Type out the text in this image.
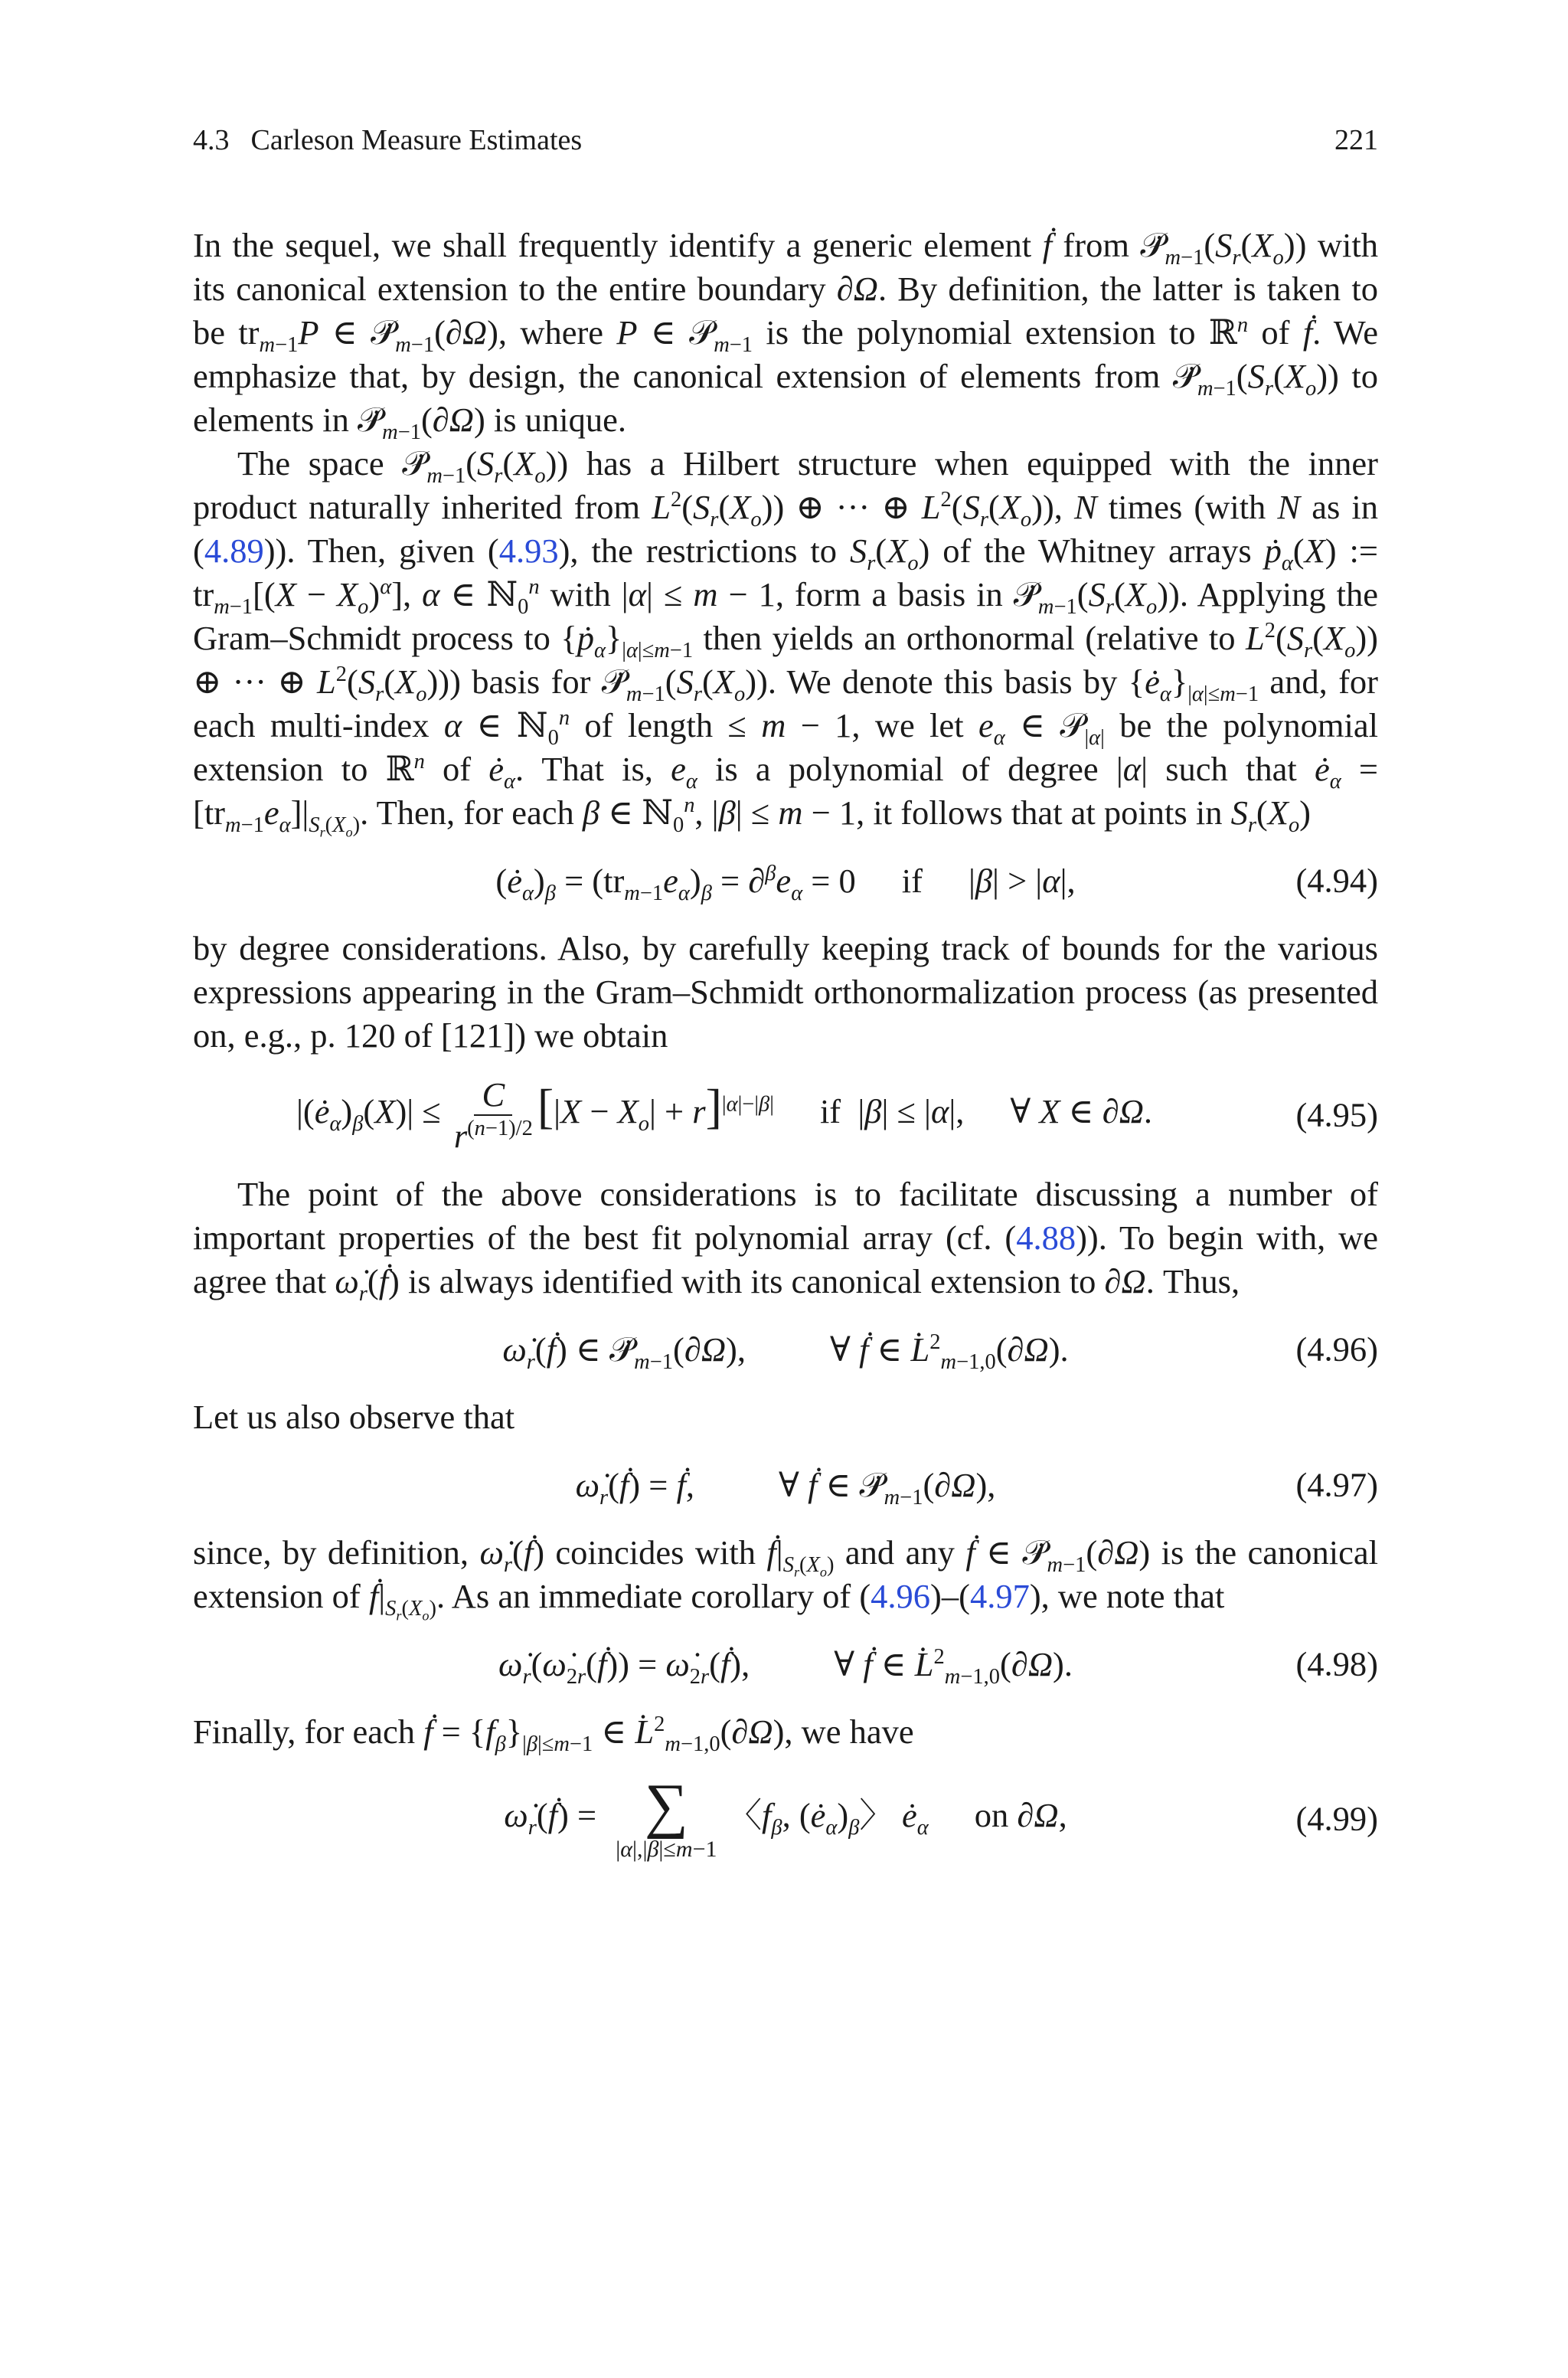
4.3 Carleson Measure Estimates	221

In the sequel, we shall frequently identify a generic element ḟ from $𝒫̇_{m-1}(S_r(X_o))$ with its canonical extension to the entire boundary ∂Ω. By definition, the latter is taken to be $tr_{m-1}P$ ∈ $𝒫̇_{m-1}(\partial\Omega)$, where P ∈ 𝒫$_{m-1}$ is the polynomial extension to ℝ$^n$ of ḟ. We emphasize that, by design, the canonical extension of elements from $𝒫̇_{m-1}(S_r(X_o))$ to elements in $𝒫̇_{m-1}(\partial\Omega)$ is unique.

The space $𝒫̇_{m-1}(S_r(X_o))$ has a Hilbert structure when equipped with the inner product naturally inherited from $L^2(S_r(X_o))$ ⊕ ··· ⊕ $L^2(S_r(X_o))$, N times (with N as in (4.89)). Then, given (4.93), the restrictions to $S_r(X_o)$ of the Whitney arrays ṗ$_\alpha$(X) := $tr_{m-1}[(X - X_o)^\alpha]$, α ∈ ℕ$_0^n$ with |α| ≤ m − 1, form a basis in $𝒫̇_{m-1}(S_r(X_o))$. Applying the Gram–Schmidt process to $\{ṗ_\alpha\}_{|\alpha|\le m-1}$ then yields an orthonormal (relative to $L^2(S_r(X_o))$ ⊕ ··· ⊕ $L^2(S_r(X_o))$) basis for $𝒫̇_{m-1}(S_r(X_o))$. We denote this basis by $\{ė_\alpha\}_{|\alpha|\le m-1}$ and, for each multi-index α ∈ ℕ$_0^n$ of length ≤ m − 1, we let $e_\alpha$ ∈ 𝒫$_{|\alpha|}$ be the polynomial extension to ℝ$^n$ of $ė_\alpha$. That is, $e_\alpha$ is a polynomial of degree |α| such that $ė_\alpha = [tr_{m-1}e_\alpha]|_{S_r(X_o)}$. Then, for each β ∈ ℕ$_0^n$, |β| ≤ m − 1, it follows that at points in $S_r(X_o)$

$(ė_\alpha)_\beta = (tr_{m-1}e_\alpha)_\beta = \partial^\beta e_\alpha = 0$ if |β| > |α|,	(4.94)

by degree considerations. Also, by carefully keeping track of bounds for the various expressions appearing in the Gram–Schmidt orthonormalization process (as presented on, e.g., p. 120 of [121]) we obtain

$|(ė_\alpha)_\beta(X)| \le \frac{C}{r^{(n-1)/2}} [|X - X_o| + r]^{|\alpha|-|\beta|}$ if  |β| ≤ |α|, ∀ X ∈ ∂Ω.	(4.95)

The point of the above considerations is to facilitate discussing a number of important properties of the best fit polynomial array (cf. (4.88)). To begin with, we agree that $\omegȧ_r(ḟ)$ is always identified with its canonical extension to ∂Ω. Thus,

$\omegȧ_r(ḟ)$ ∈ $𝒫̇_{m-1}(\partial\Omega)$, ∀ ḟ ∈ L̇$^2_{m-1,0}$(∂Ω).	(4.96)

Let us also observe that

$\omegȧ_r(ḟ)$ = ḟ, ∀ ḟ ∈ $𝒫̇_{m-1}(\partial\Omega)$,	(4.97)

since, by definition, $\omegȧ_r(ḟ)$ coincides with $ḟ|_{S_r(X_o)}$ and any ḟ ∈ $𝒫̇_{m-1}(\partial\Omega)$ is the canonical extension of $ḟ|_{S_r(X_o)}$. As an immediate corollary of (4.96)–(4.97), we note that

$\omegȧ_r(\omegȧ_{2r}(ḟ))$ = $\omegȧ_{2r}(ḟ)$, ∀ ḟ ∈ L̇$^2_{m-1,0}$(∂Ω).	(4.98)

Finally, for each ḟ = $\{f_\beta\}_{|\beta|\le m-1}$ ∈ L̇$^2_{m-1,0}$(∂Ω), we have

$\omegȧ_r(ḟ)$ = ∑
|α|,|β|≤m−1
〈$f_\beta$, $(ė_\alpha)_\beta$〉 $ė_\alpha$ on ∂Ω,	(4.99)
